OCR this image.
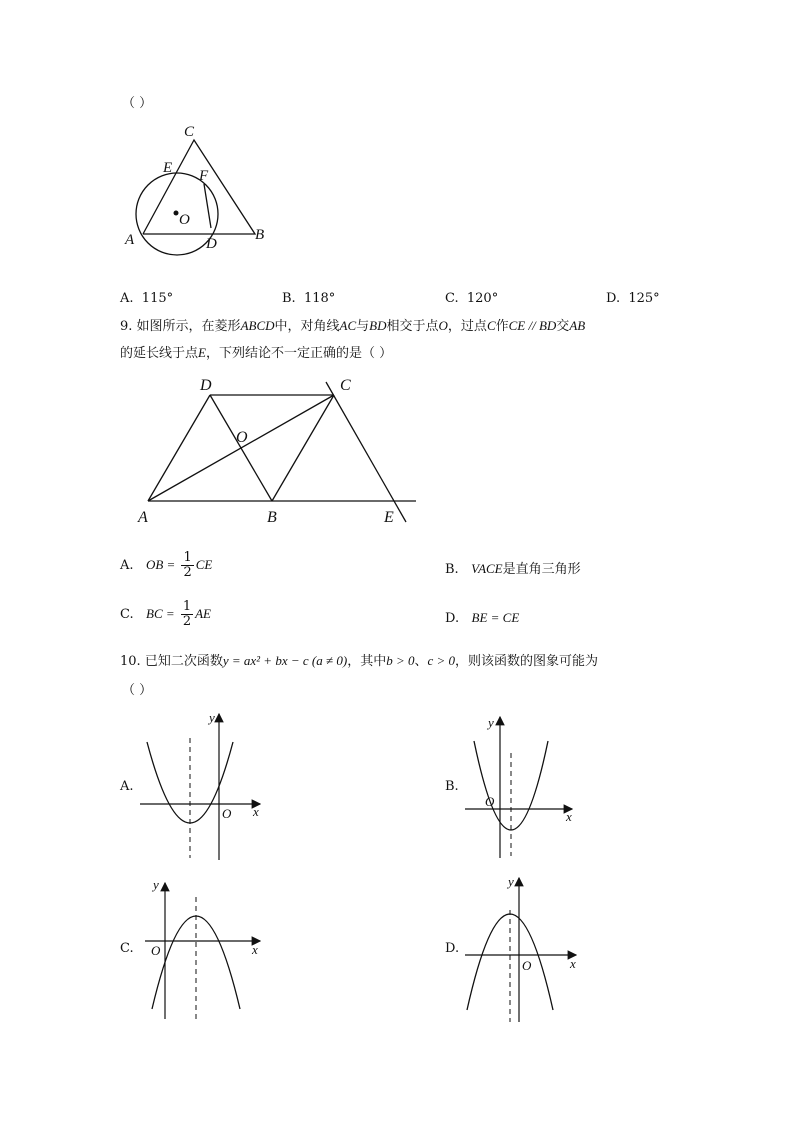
（ ）
C
E F
O
A	D
B
A. 115°	B. 118°	C. 120°	D. 125°
9. 如图所示，在菱形ABCD中，对角线AC与BD相交于点O，过点C作CE // BD交AB
的延长线于点E，下列结论不一定正确的是（ ）
D	C
O
A	B	E
A. OB = $\frac{1}{2}$ CE	B. VACE是直角三角形
C. BC = $\frac{1}{2}$ AE	D. BE = CE
10. 已知二次函数y = ax² + bx − c (a ≠ 0)，其中b > 0、c > 0，则该函数的图象可能为
（ ）
A.
x
y
O
B.
x
y
O
C.	x
y
O	D.
x
y
O
